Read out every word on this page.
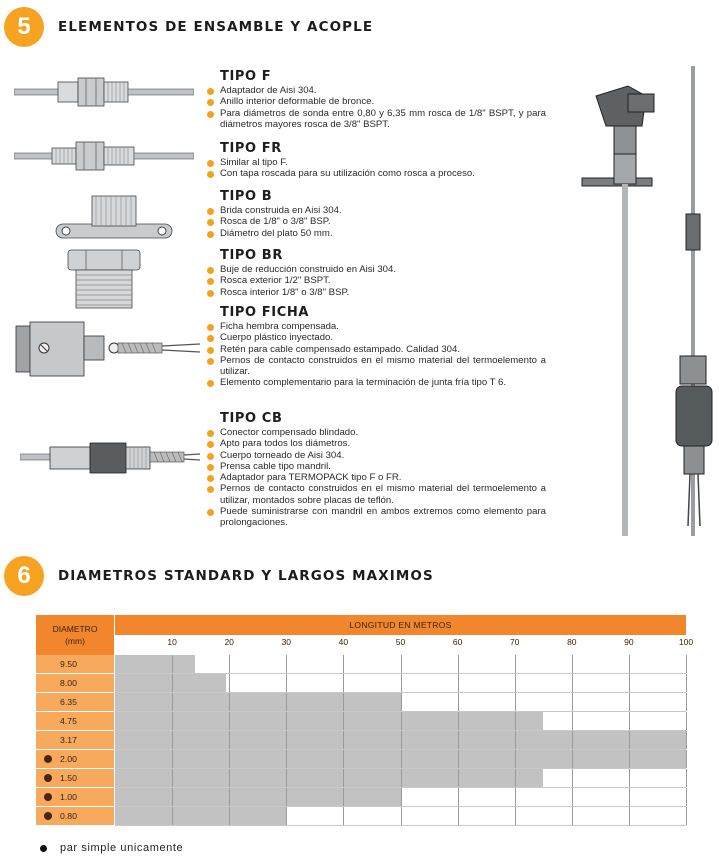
5	ELEMENTOS DE ENSAMBLE Y ACOPLE
TIPO F
Adaptador de Aisi 304.
Anillo interior deformable de bronce.
Para diámetros de sonda entre 0,80 y 6,35 mm rosca de 1/8" BSPT, y para diámetros mayores rosca de 3/8" BSPT.
TIPO FR
Similar al tipo F.
Con tapa roscada para su utilización como rosca a proceso.
TIPO B
Brida construida en Aisi 304.
Rosca de 1/8" o 3/8" BSP.
Diámetro del plato 50 mm.
TIPO BR
Buje de reducción construido en Aisi 304.
Rosca exterior 1/2" BSPT.
Rosca interior 1/8" o 3/8" BSP.
TIPO FICHA
Ficha hembra compensada.
Cuerpo plástico inyectado.
Retén para cable compensado estampado. Calidad 304.
Pernos de contacto construidos en el mismo material del termoelemento a utilizar.
Elemento complementario para la terminación de junta fría tipo T 6.
TIPO CB
Conector compensado blindado.
Apto para todos los diámetros.
Cuerpo torneado de Aisi 304.
Prensa cable tipo mandril.
Adaptador para TERMOPACK tipo F o FR.
Pernos de contacto construidos en el mismo material del termoelemento a utilizar, montados sobre placas de teflón.
Puede suministrarse con mandril en ambos extremos como elemento para prolongaciones.
6	DIAMETROS STANDARD Y LARGOS MAXIMOS
DIAMETRO
(mm)
LONGITUD EN METROS
10	20	30	40	50	60	70	80	90	100
9.50
8.00
6.35
4.75
3.17
2.00
1.50
1.00
0.80
par simple unicamente
